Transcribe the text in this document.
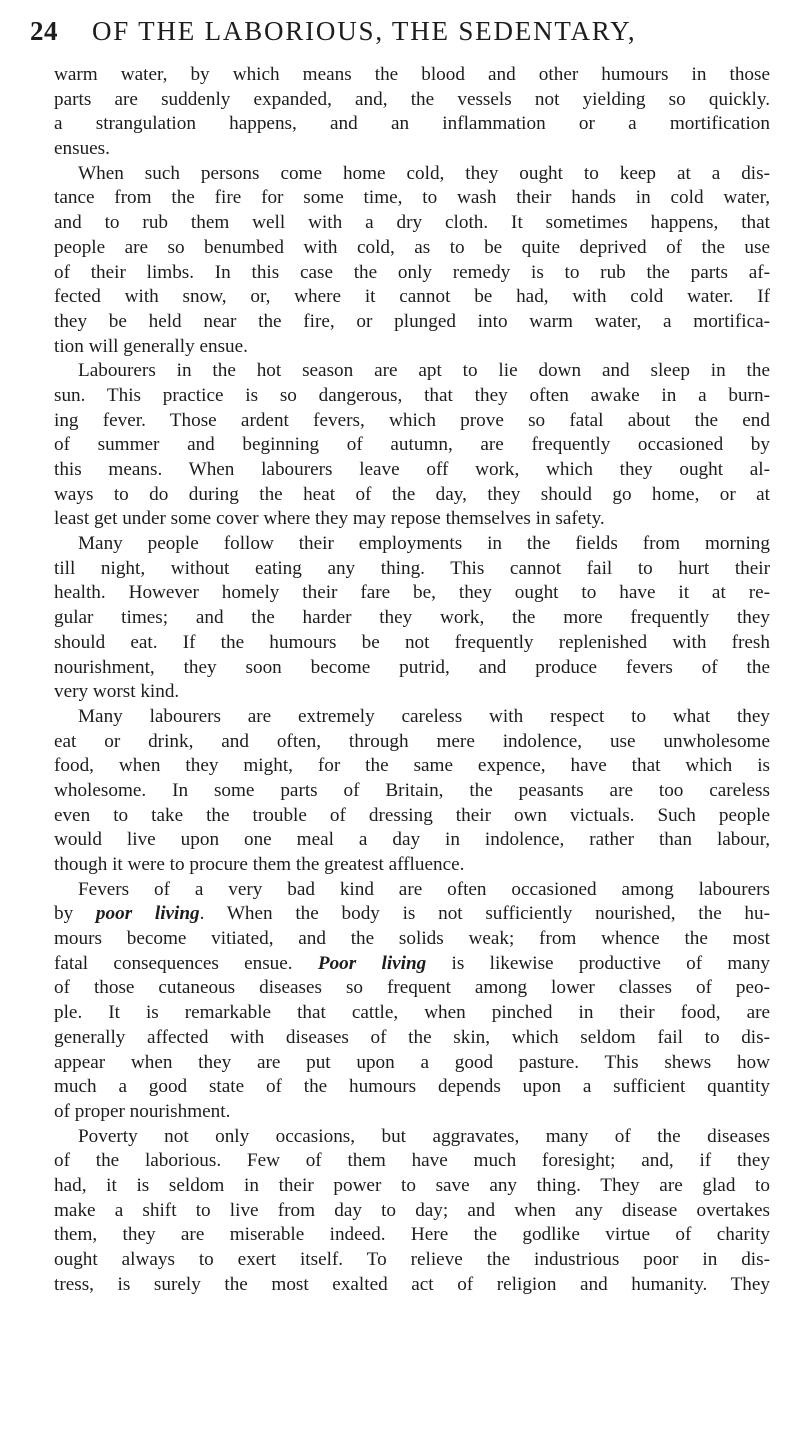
24 OF THE LABORIOUS, THE SEDENTARY,
warm water, by which means the blood and other humours in those
parts are suddenly expanded, and, the vessels not yielding so quickly.
a strangulation happens, and an inflammation or a mortification
ensues.
When such persons come home cold, they ought to keep at a dis-
tance from the fire for some time, to wash their hands in cold water,
and to rub them well with a dry cloth. It sometimes happens, that
people are so benumbed with cold, as to be quite deprived of the use
of their limbs. In this case the only remedy is to rub the parts af-
fected with snow, or, where it cannot be had, with cold water. If
they be held near the fire, or plunged into warm water, a mortifica-
tion will generally ensue.
Labourers in the hot season are apt to lie down and sleep in the
sun. This practice is so dangerous, that they often awake in a burn-
ing fever. Those ardent fevers, which prove so fatal about the end
of summer and beginning of autumn, are frequently occasioned by
this means. When labourers leave off work, which they ought al-
ways to do during the heat of the day, they should go home, or at
least get under some cover where they may repose themselves in safety.
Many people follow their employments in the fields from morning
till night, without eating any thing. This cannot fail to hurt their
health. However homely their fare be, they ought to have it at re-
gular times; and the harder they work, the more frequently they
should eat. If the humours be not frequently replenished with fresh
nourishment, they soon become putrid, and produce fevers of the
very worst kind.
Many labourers are extremely careless with respect to what they
eat or drink, and often, through mere indolence, use unwholesome
food, when they might, for the same expence, have that which is
wholesome. In some parts of Britain, the peasants are too careless
even to take the trouble of dressing their own victuals. Such people
would live upon one meal a day in indolence, rather than labour,
though it were to procure them the greatest affluence.
Fevers of a very bad kind are often occasioned among labourers
by poor living. When the body is not sufficiently nourished, the hu-
mours become vitiated, and the solids weak; from whence the most
fatal consequences ensue. Poor living is likewise productive of many
of those cutaneous diseases so frequent among lower classes of peo-
ple. It is remarkable that cattle, when pinched in their food, are
generally affected with diseases of the skin, which seldom fail to dis-
appear when they are put upon a good pasture. This shews how
much a good state of the humours depends upon a sufficient quantity
of proper nourishment.
Poverty not only occasions, but aggravates, many of the diseases
of the laborious. Few of them have much foresight; and, if they
had, it is seldom in their power to save any thing. They are glad to
make a shift to live from day to day; and when any disease overtakes
them, they are miserable indeed. Here the godlike virtue of charity
ought always to exert itself. To relieve the industrious poor in dis-
tress, is surely the most exalted act of religion and humanity. They
